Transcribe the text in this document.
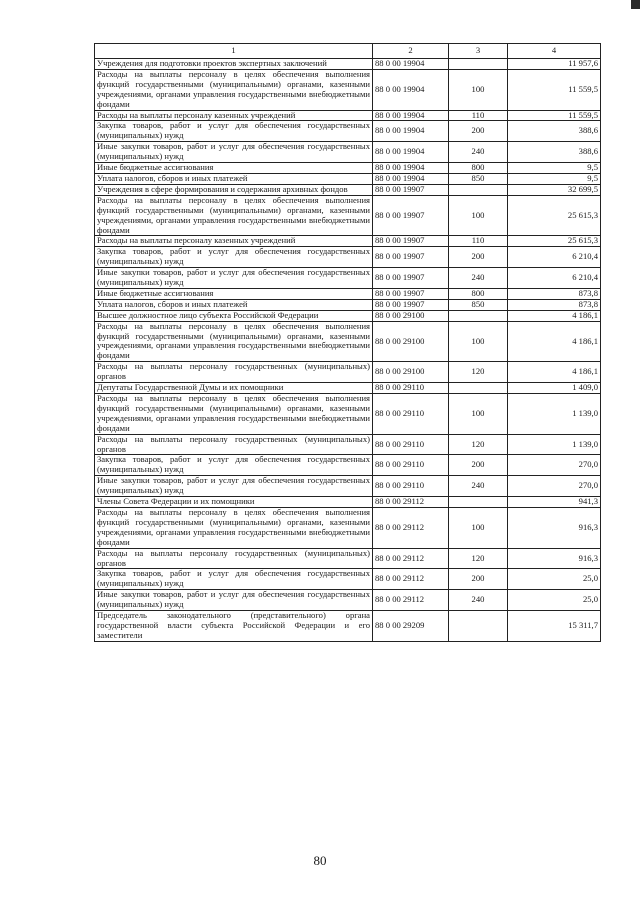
1	2	3	4
Учреждения для подготовки проектов экспертных заключений	88 0 00 19904		11 957,6
Расходы на выплаты персоналу в целях обеспечения выполнения функций государственными (муниципальными) органами, казенными учреждениями, органами управления государственными внебюджетными фондами	88 0 00 19904	100	11 559,5
Расходы на выплаты персоналу казенных учреждений	88 0 00 19904	110	11 559,5
Закупка товаров, работ и услуг для обеспечения государственных (муниципальных) нужд	88 0 00 19904	200	388,6
Иные закупки товаров, работ и услуг для обеспечения государственных (муниципальных) нужд	88 0 00 19904	240	388,6
Иные бюджетные ассигнования	88 0 00 19904	800	9,5
Уплата налогов, сборов и иных платежей	88 0 00 19904	850	9,5
Учреждения в сфере формирования и содержания архивных фондов	88 0 00 19907		32 699,5
Расходы на выплаты персоналу в целях обеспечения выполнения функций государственными (муниципальными) органами, казенными учреждениями, органами управления государственными внебюджетными фондами	88 0 00 19907	100	25 615,3
Расходы на выплаты персоналу казенных учреждений	88 0 00 19907	110	25 615,3
Закупка товаров, работ и услуг для обеспечения государственных (муниципальных) нужд	88 0 00 19907	200	6 210,4
Иные закупки товаров, работ и услуг для обеспечения государственных (муниципальных) нужд	88 0 00 19907	240	6 210,4
Иные бюджетные ассигнования	88 0 00 19907	800	873,8
Уплата налогов, сборов и иных платежей	88 0 00 19907	850	873,8
Высшее должностное лицо субъекта Российской Федерации	88 0 00 29100		4 186,1
Расходы на выплаты персоналу в целях обеспечения выполнения функций государственными (муниципальными) органами, казенными учреждениями, органами управления государственными внебюджетными фондами	88 0 00 29100	100	4 186,1
Расходы на выплаты персоналу государственных (муниципальных) органов	88 0 00 29100	120	4 186,1
Депутаты Государственной Думы и их помощники	88 0 00 29110		1 409,0
Расходы на выплаты персоналу в целях обеспечения выполнения функций государственными (муниципальными) органами, казенными учреждениями, органами управления государственными внебюджетными фондами	88 0 00 29110	100	1 139,0
Расходы на выплаты персоналу государственных (муниципальных) органов	88 0 00 29110	120	1 139,0
Закупка товаров, работ и услуг для обеспечения государственных (муниципальных) нужд	88 0 00 29110	200	270,0
Иные закупки товаров, работ и услуг для обеспечения государственных (муниципальных) нужд	88 0 00 29110	240	270,0
Члены Совета Федерации и их помощники	88 0 00 29112		941,3
Расходы на выплаты персоналу в целях обеспечения выполнения функций государственными (муниципальными) органами, казенными учреждениями, органами управления государственными внебюджетными фондами	88 0 00 29112	100	916,3
Расходы на выплаты персоналу государственных (муниципальных) органов	88 0 00 29112	120	916,3
Закупка товаров, работ и услуг для обеспечения государственных (муниципальных) нужд	88 0 00 29112	200	25,0
Иные закупки товаров, работ и услуг для обеспечения государственных (муниципальных) нужд	88 0 00 29112	240	25,0
Председатель законодательного (представительного) органа государственной власти субъекта Российской Федерации и его заместители	88 0 00 29209		15 311,7
80
